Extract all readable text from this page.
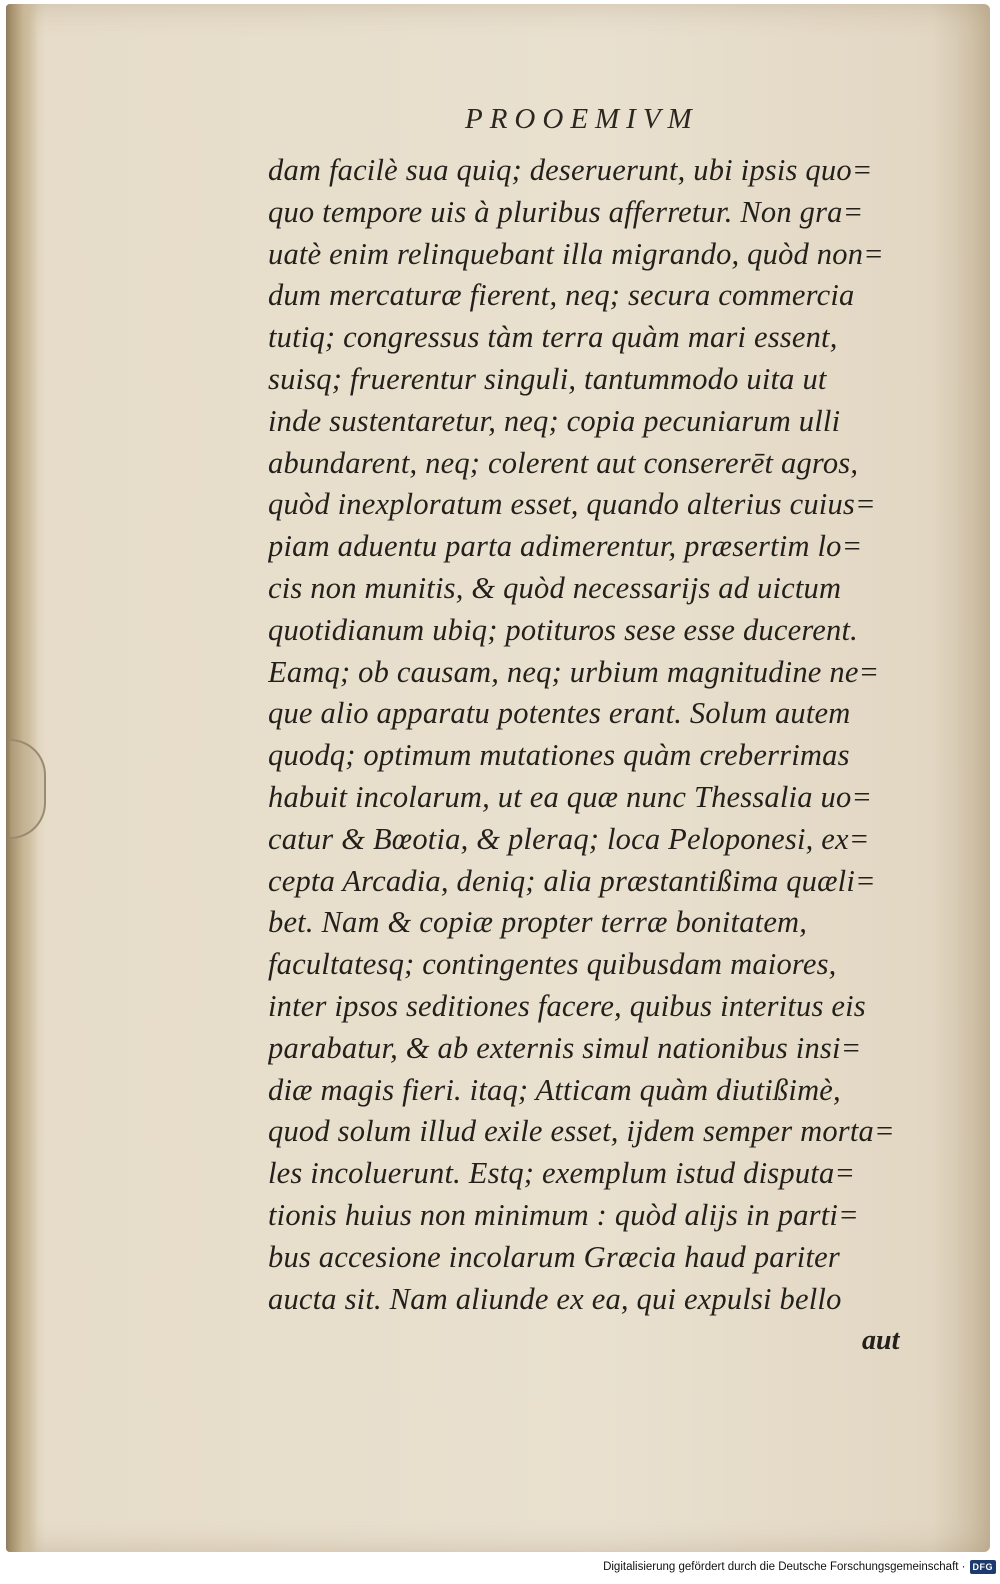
PROOEMIVM
dam facilè sua quiq; deseruerunt, ubi ipsis quo=
quo tempore uis à pluribus afferretur. Non gra=
uatè enim relinquebant illa migrando, quòd non=
dum mercaturæ fierent, neq; secura commercia
tutiq; congressus tàm terra quàm mari essent,
suisq; fruerentur singuli, tantummodo uita ut
inde sustentaretur, neq; copia pecuniarum ulli
abundarent, neq; colerent aut consererēt agros,
quòd inexploratum esset, quando alterius cuius=
piam aduentu parta adimerentur, præsertim lo=
cis non munitis, & quòd necessarijs ad uictum
quotidianum ubiq; potituros sese esse ducerent.
Eamq; ob causam, neq; urbium magnitudine ne=
que alio apparatu potentes erant. Solum autem
quodq; optimum mutationes quàm creberrimas
habuit incolarum, ut ea quæ nunc Thessalia uo=
catur & Bœotia, & pleraq; loca Peloponesi, ex=
cepta Arcadia, deniq; alia præstantißima quæli=
bet. Nam & copiæ propter terræ bonitatem,
facultatesq; contingentes quibusdam maiores,
inter ipsos seditiones facere, quibus interitus eis
parabatur, & ab externis simul nationibus insi=
diæ magis fieri. itaq; Atticam quàm diutißimè,
quod solum illud exile esset, ijdem semper morta=
les incoluerunt. Estq; exemplum istud disputa=
tionis huius non minimum : quòd alijs in parti=
bus accesione incolarum Græcia haud pariter
aucta sit. Nam aliunde ex ea, qui expulsi bello
aut
Digitalisierung gefördert durch die Deutsche Forschungsgemeinschaft · DFG
